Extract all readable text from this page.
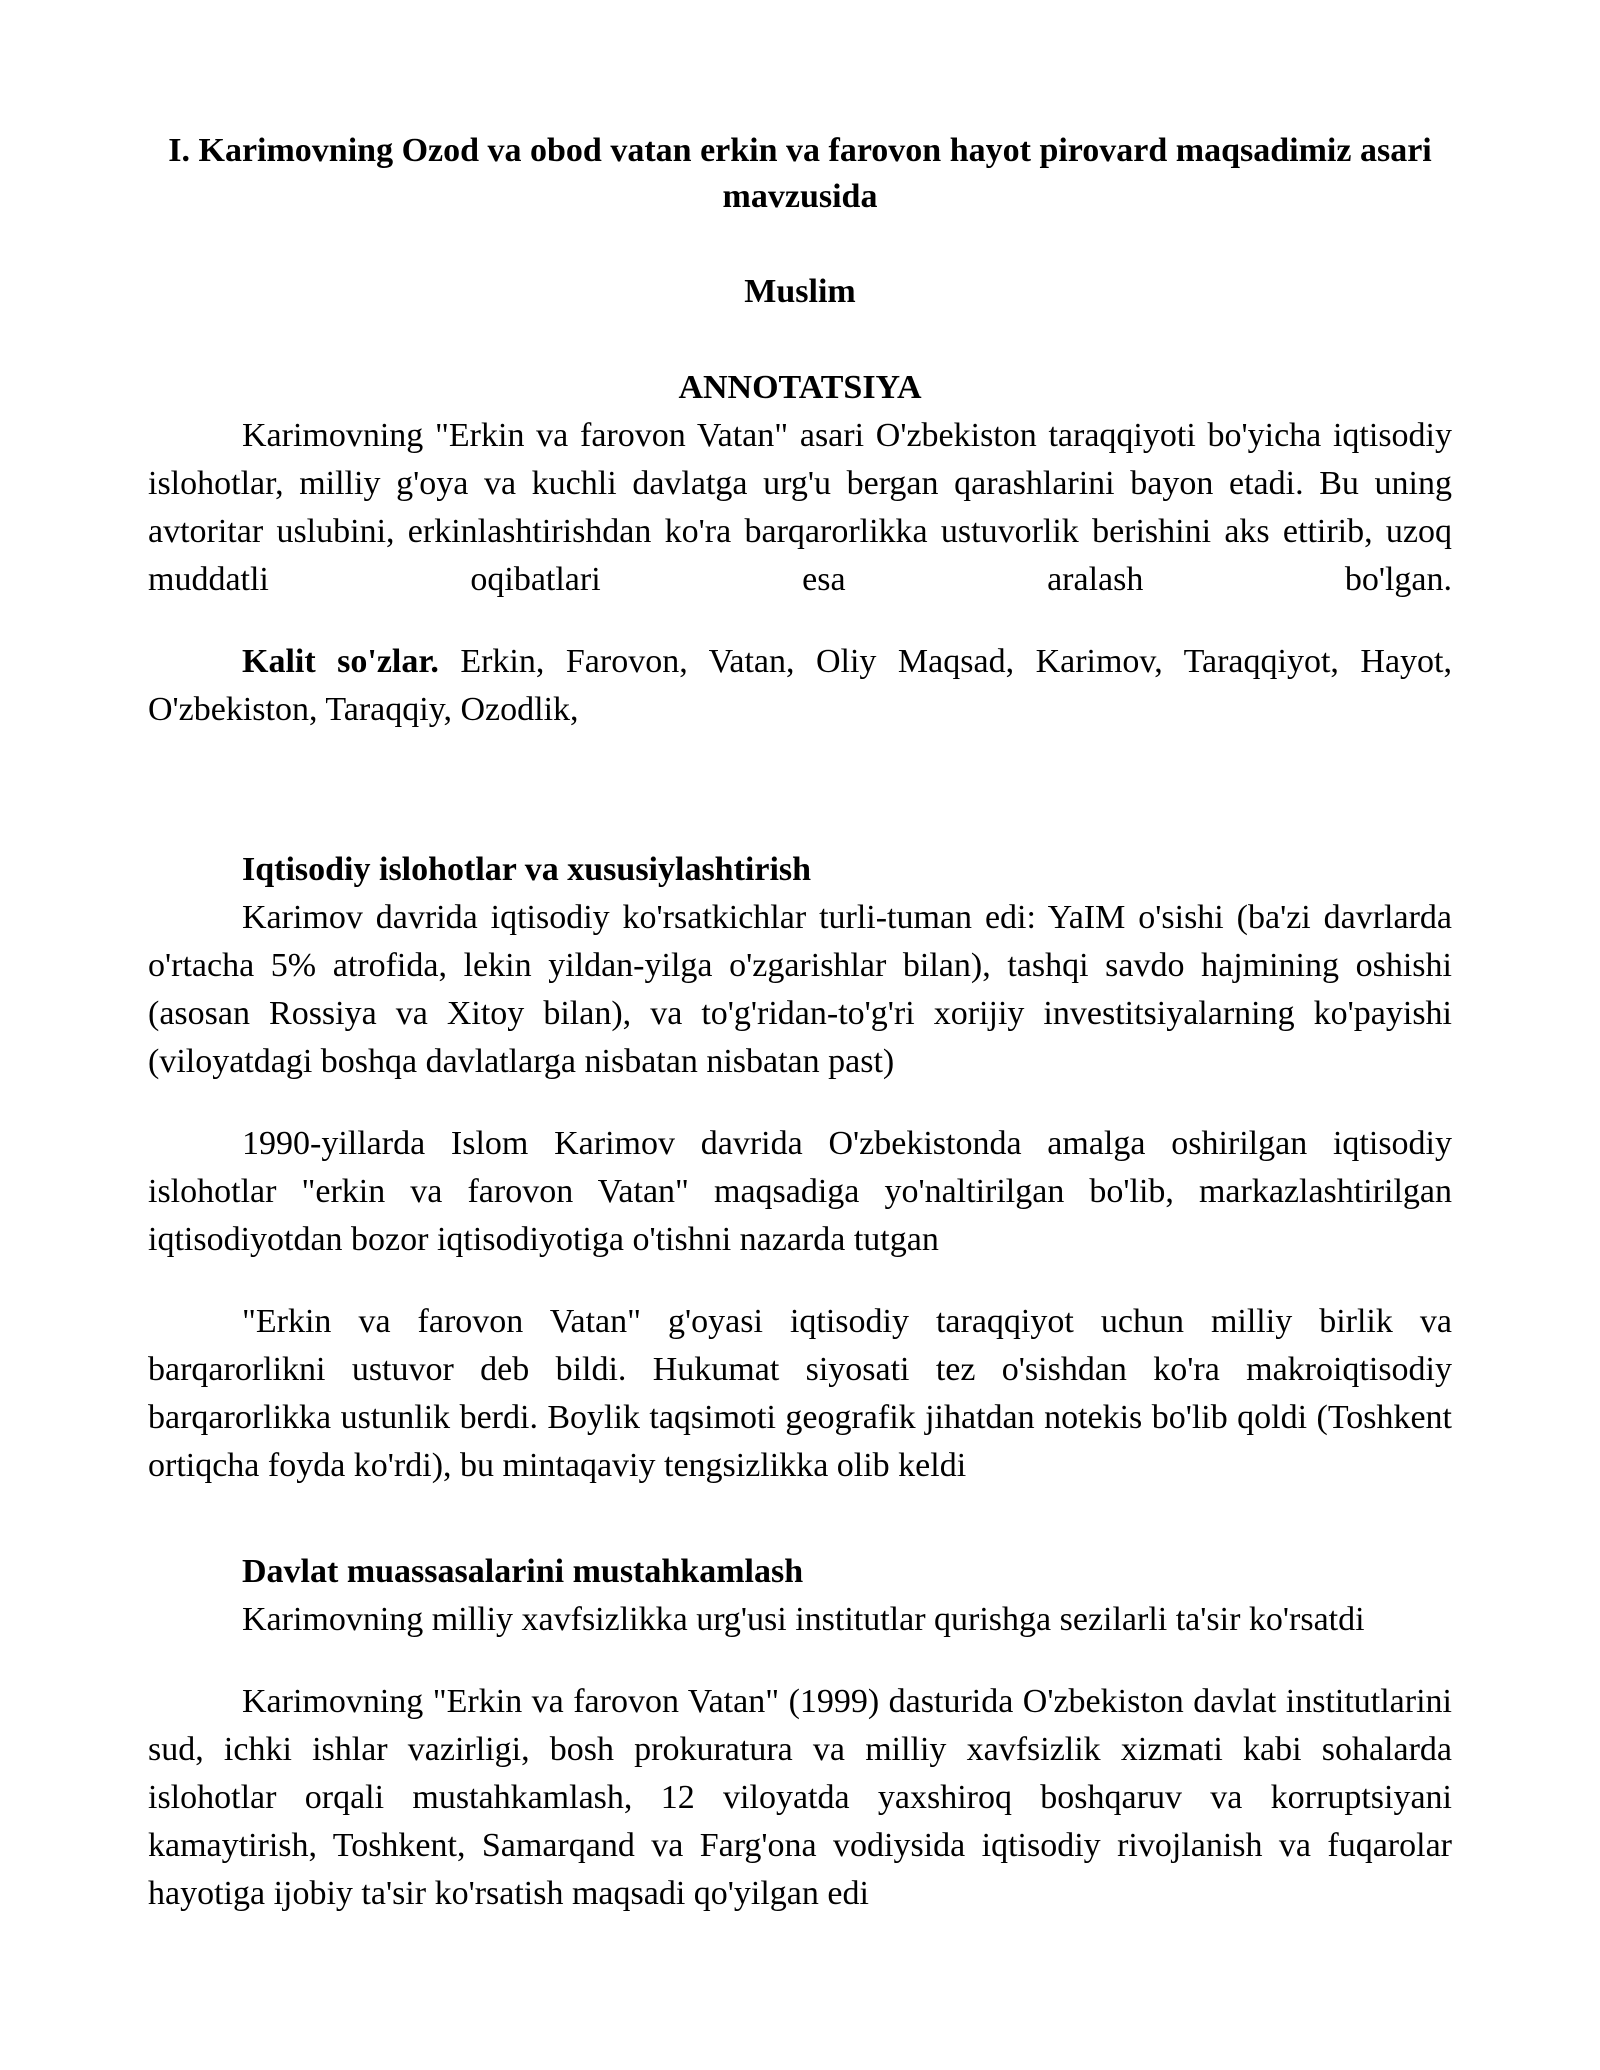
I. Karimovning Ozod va obod vatan erkin va farovon hayot pirovard maqsadimiz asari mavzusida
Muslim
ANNOTATSIYA

Karimovning "Erkin va farovon Vatan" asari O'zbekiston taraqqiyoti bo'yicha iqtisodiy islohotlar, milliy g'oya va kuchli davlatga urg'u bergan qarashlarini bayon etadi. Bu uning avtoritar uslubini, erkinlashtirishdan ko'ra barqarorlikka ustuvorlik berishini aks ettirib, uzoq muddatli oqibatlari esa aralash bo'lgan.

Kalit so'zlar. Erkin, Farovon, Vatan, Oliy Maqsad, Karimov, Taraqqiyot, Hayot, O'zbekiston, Taraqqiy, Ozodlik,

Iqtisodiy islohotlar va xususiylashtirish

Karimov davrida iqtisodiy ko'rsatkichlar turli-tuman edi: YaIM o'sishi (ba'zi davrlarda o'rtacha 5% atrofida, lekin yildan-yilga o'zgarishlar bilan), tashqi savdo hajmining oshishi (asosan Rossiya va Xitoy bilan), va to'g'ridan-to'g'ri xorijiy investitsiyalarning ko'payishi (viloyatdagi boshqa davlatlarga nisbatan nisbatan past)

1990-yillarda Islom Karimov davrida O'zbekistonda amalga oshirilgan iqtisodiy islohotlar "erkin va farovon Vatan" maqsadiga yo'naltirilgan bo'lib, markazlashtirilgan iqtisodiyotdan bozor iqtisodiyotiga o'tishni nazarda tutgan

"Erkin va farovon Vatan" g'oyasi iqtisodiy taraqqiyot uchun milliy birlik va barqarorlikni ustuvor deb bildi. Hukumat siyosati tez o'sishdan ko'ra makroiqtisodiy barqarorlikka ustunlik berdi. Boylik taqsimoti geografik jihatdan notekis bo'lib qoldi (Toshkent ortiqcha foyda ko'rdi), bu mintaqaviy tengsizlikka olib keldi

Davlat muassasalarini mustahkamlash

Karimovning milliy xavfsizlikka urg'usi institutlar qurishga sezilarli ta'sir ko'rsatdi

Karimovning "Erkin va farovon Vatan" (1999) dasturida O'zbekiston davlat institutlarini sud, ichki ishlar vazirligi, bosh prokuratura va milliy xavfsizlik xizmati kabi sohalarda islohotlar orqali mustahkamlash, 12 viloyatda yaxshiroq boshqaruv va korruptsiyani kamaytirish, Toshkent, Samarqand va Farg'ona vodiysida iqtisodiy rivojlanish va fuqarolar hayotiga ijobiy ta'sir ko'rsatish maqsadi qo'yilgan edi
